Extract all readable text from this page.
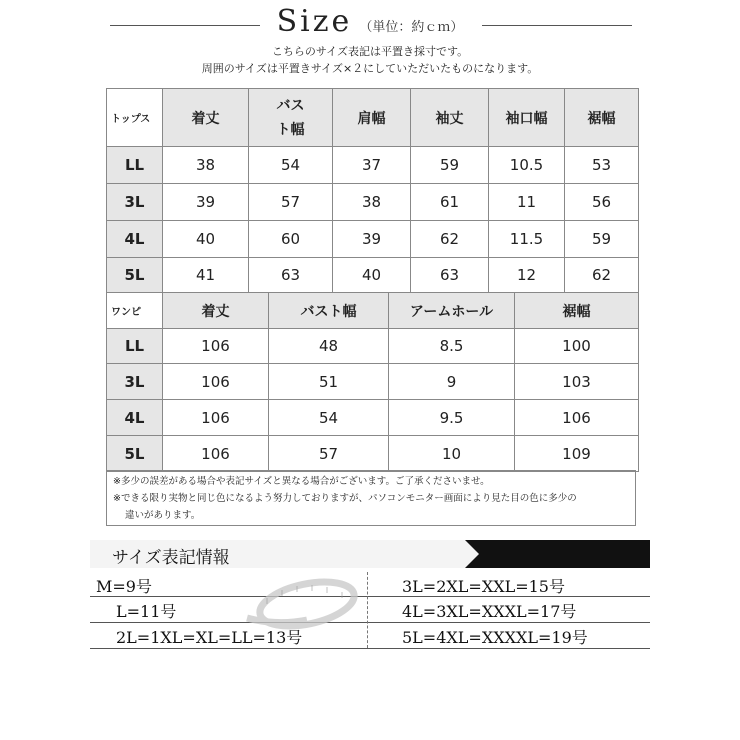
Size （単位：約ｃｍ）
こちらのサイズ表記は平置き採寸です。
周囲のサイズは平置きサイズ×２にしていただいたものになります。
トップス	着丈	バスト幅	肩幅	袖丈	袖口幅	裾幅
LL	38	54	37	59	10.5	53
3L	39	57	38	61	11	56
4L	40	60	39	62	11.5	59
5L	41	63	40	63	12	62
ワンピ	着丈	バスト幅	アームホール	裾幅
LL	106	48	8.5	100
3L	106	51	9	103
4L	106	54	9.5	106
5L	106	57	10	109
※多少の誤差がある場合や表記サイズと異なる場合がございます。ご了承くださいませ。
※できる限り実物と同じ色になるよう努力しておりますが、パソコンモニター画面により見た目の色に多少の
違いがあります。
サイズ表記情報
M=9号
L=11号
2L=1XL=XL=LL=13号
3L=2XL=XXL=15号
4L=3XL=XXXL=17号
5L=4XL=XXXXL=19号
